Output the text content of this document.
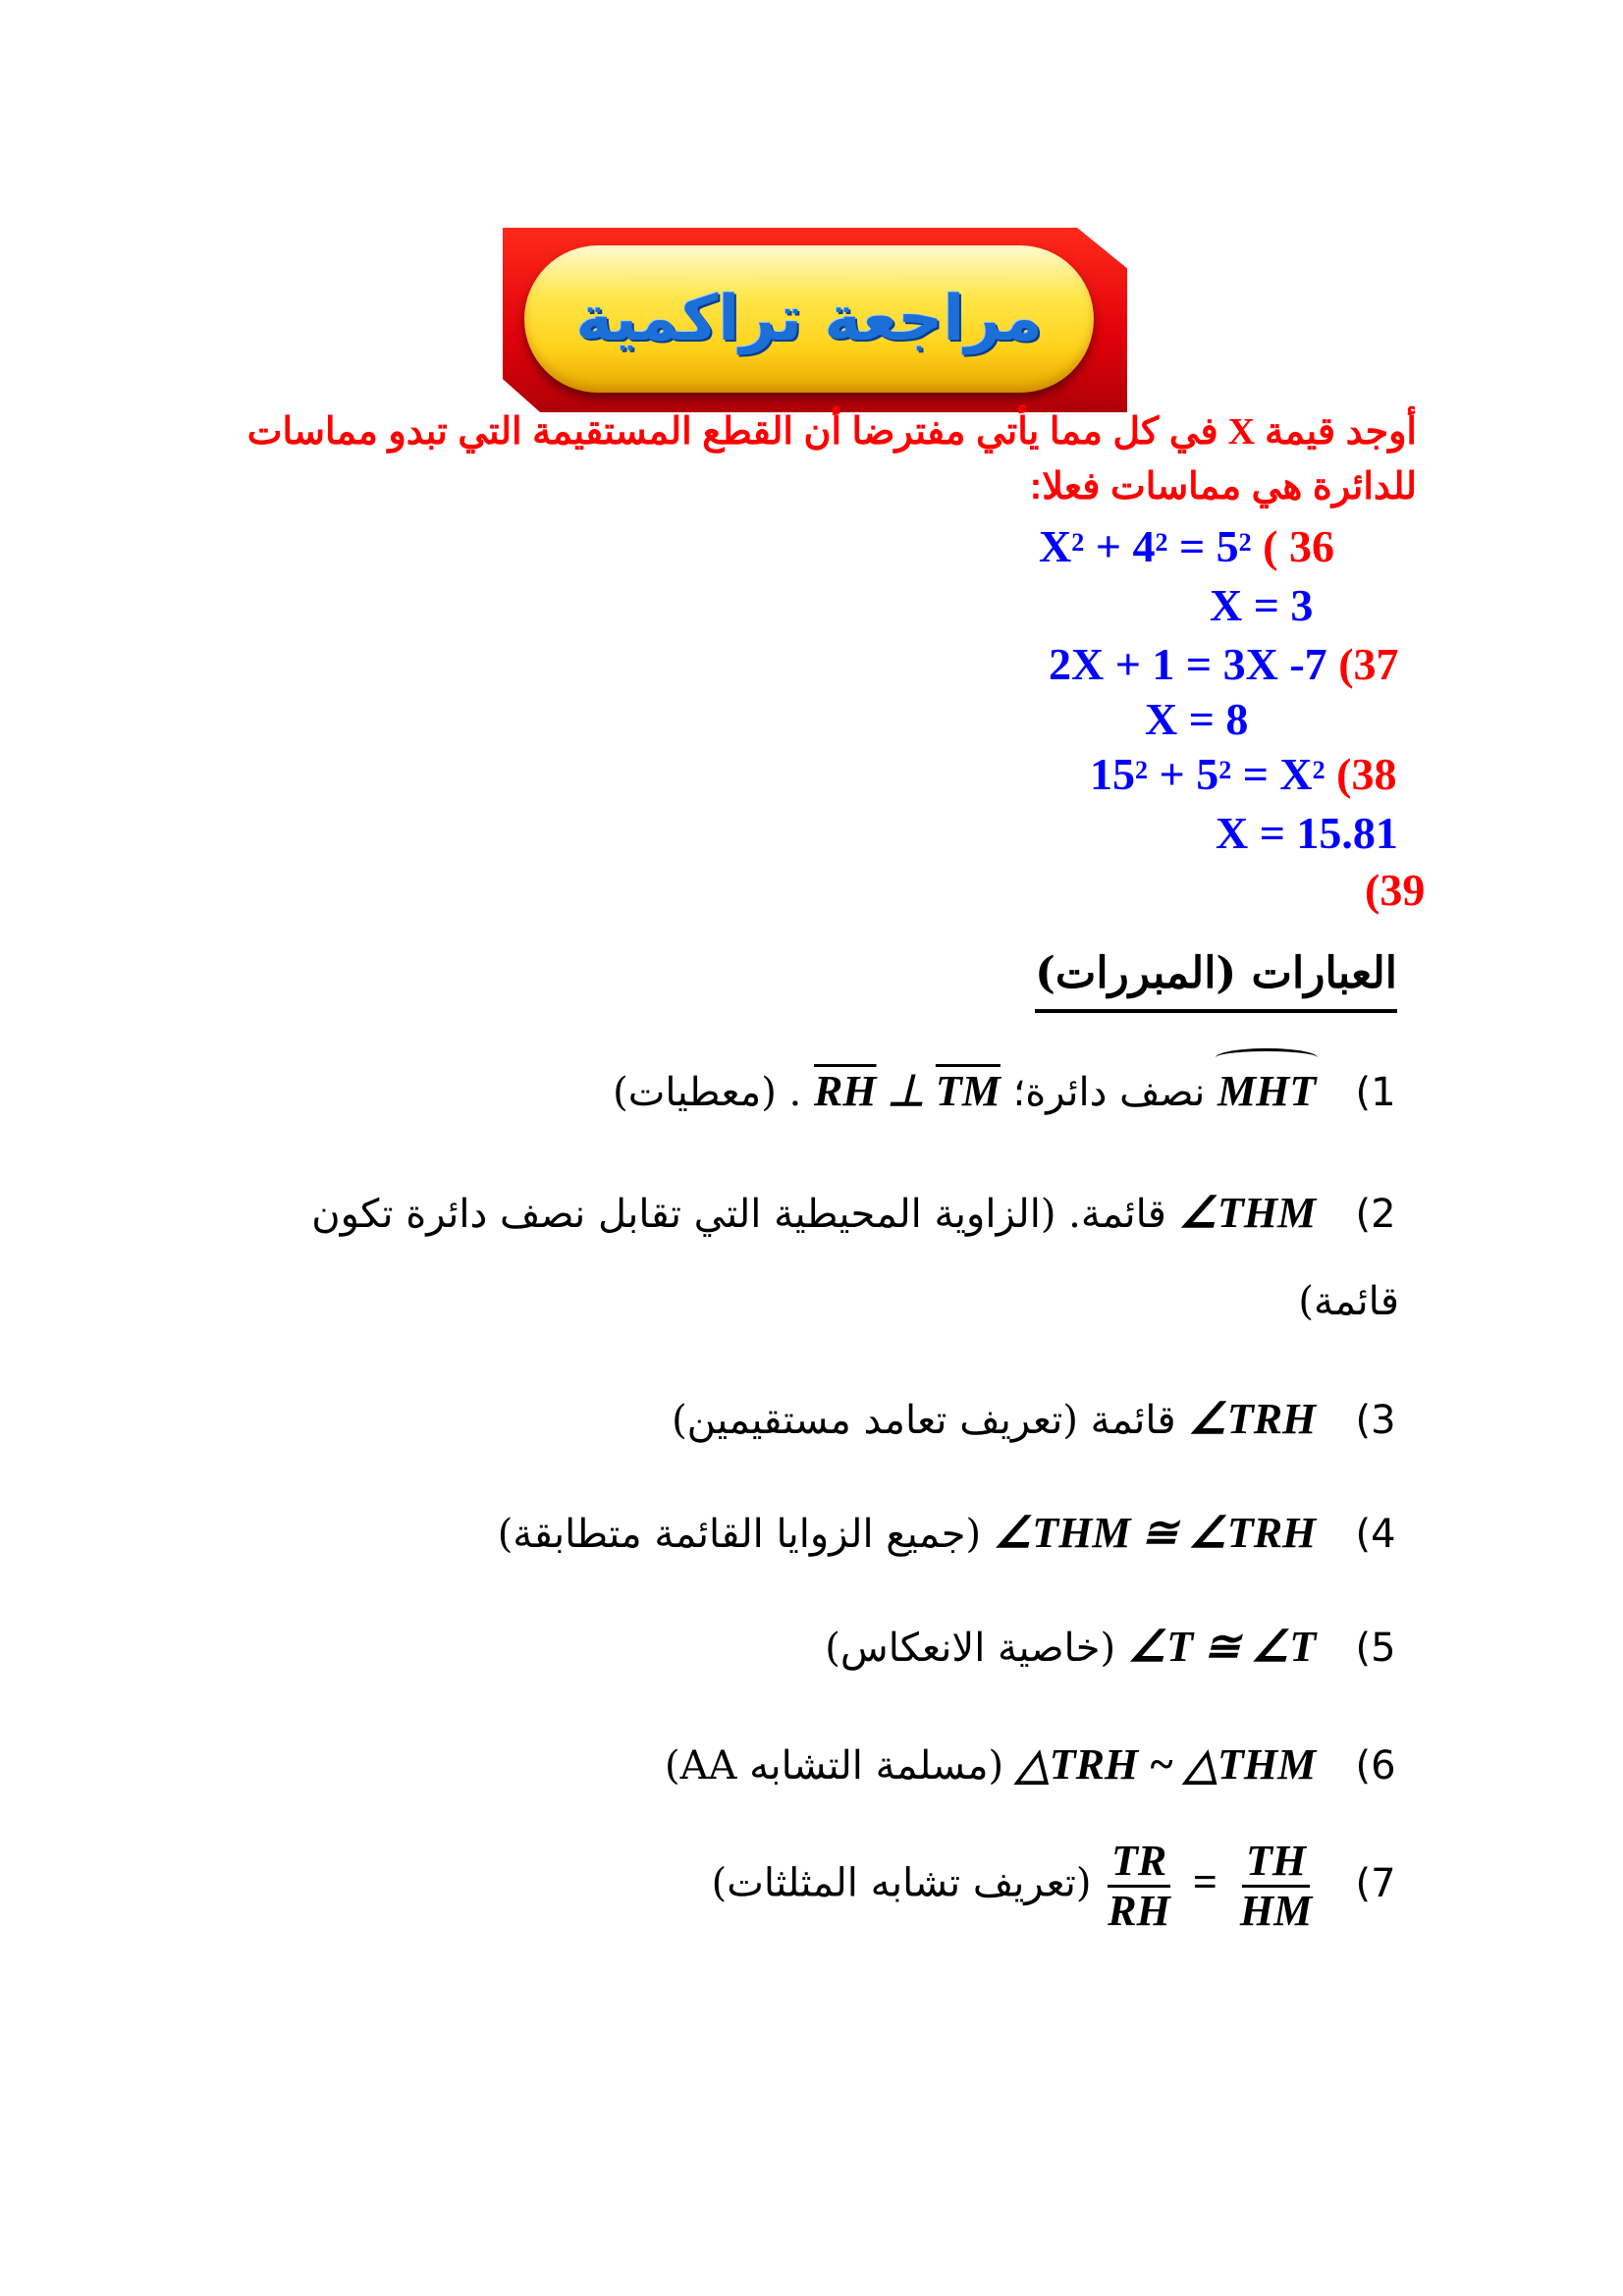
مراجعة تراكمية
أوجد قيمةXفي كل مما يأتي مفترضا أن القطع المستقيمة التي تبدو مماسات
للدائرة هي مماسات فعلا:
$X^2 + 4^2 = 5^2$ ( 36
X = 3
2X + 1 = 3X -7 (37
X = 8
$15^2 + 5^2 = X^2$ (38
X = 15.81
(39
العبارات (المبررات)
1) MHT نصف دائرة؛ $\overline{RH}$ ⊥ $\overline{TM}$ . (معطيات)
2) ∠THM قائمة. (الزاوية المحيطية التي تقابل نصف دائرة تكون
قائمة)
3) ∠TRH قائمة (تعريف تعامد مستقيمين)
4) ∠THM ≅ ∠TRH (جميع الزوايا القائمة متطابقة)
5) ∠T ≅ ∠T (خاصية الانعكاس)
6) △TRH ~ △THM (مسلمة التشابه AA)
7)
$\frac{TR}{RH} = \frac{TH}{HM}$
(تعريف تشابه المثلثات)
